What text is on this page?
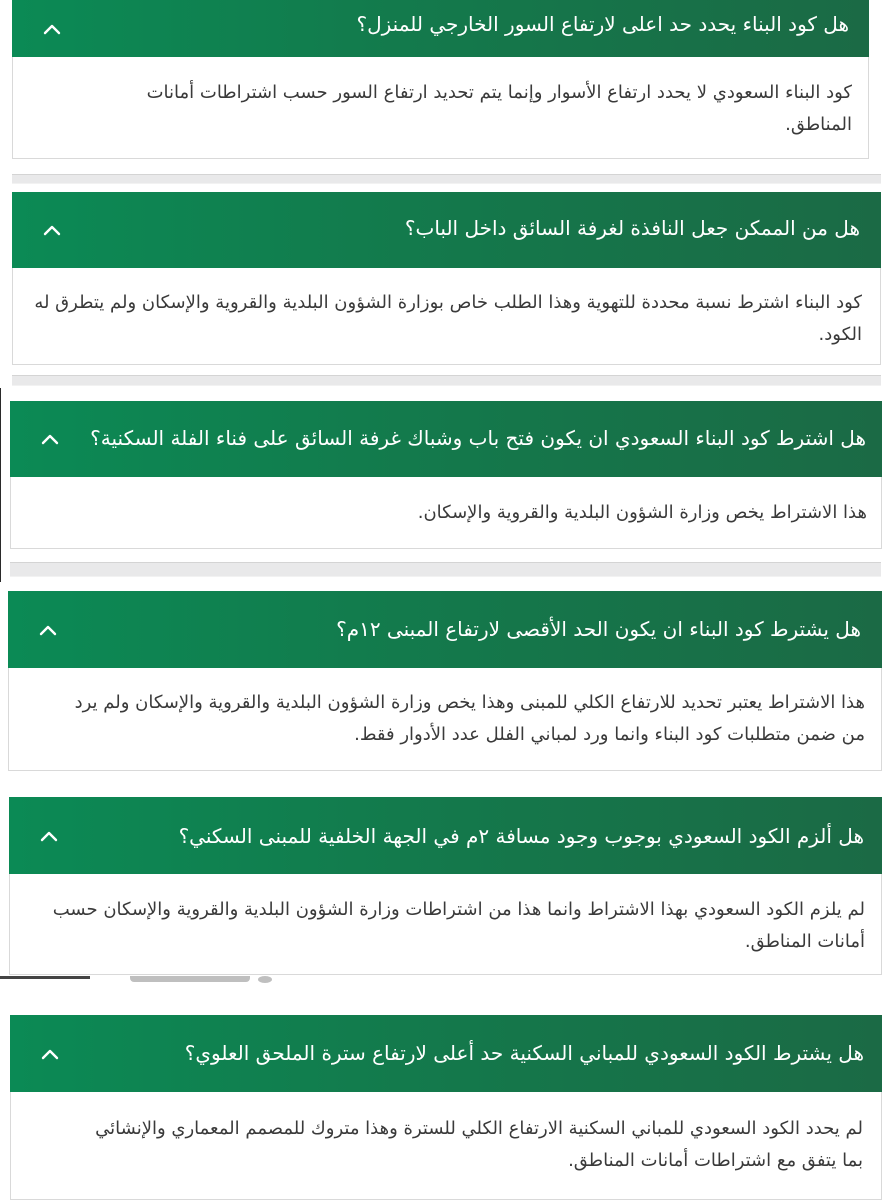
هل كود البناء يحدد حد اعلى لارتفاع السور الخارجي للمنزل؟
كود البناء السعودي لا يحدد ارتفاع الأسوار وإنما يتم تحديد ارتفاع السور حسب اشتراطات أمانات المناطق.
هل من الممكن جعل النافذة لغرفة السائق داخل الباب؟
كود البناء اشترط نسبة محددة للتهوية وهذا الطلب خاص بوزارة الشؤون البلدية والقروية والإسكان ولم يتطرق له الكود.
هل اشترط كود البناء السعودي ان يكون فتح باب وشباك غرفة السائق على فناء الفلة السكنية؟
هذا الاشتراط يخص وزارة الشؤون البلدية والقروية والإسكان.
هل يشترط كود البناء ان يكون الحد الأقصى لارتفاع المبنى ١٢م؟
هذا الاشتراط يعتبر تحديد للارتفاع الكلي للمبنى وهذا يخص وزارة الشؤون البلدية والقروية والإسكان ولم يرد من ضمن متطلبات كود البناء وانما ورد لمباني الفلل عدد الأدوار فقط.
هل ألزم الكود السعودي بوجوب وجود مسافة ٢م في الجهة الخلفية للمبنى السكني؟
لم يلزم الكود السعودي بهذا الاشتراط وانما هذا من اشتراطات وزارة الشؤون البلدية والقروية والإسكان حسب أمانات المناطق.
هل يشترط الكود السعودي للمباني السكنية حد أعلى لارتفاع سترة الملحق العلوي؟
لم يحدد الكود السعودي للمباني السكنية الارتفاع الكلي للسترة وهذا متروك للمصمم المعماري والإنشائي بما يتفق مع اشتراطات أمانات المناطق.
